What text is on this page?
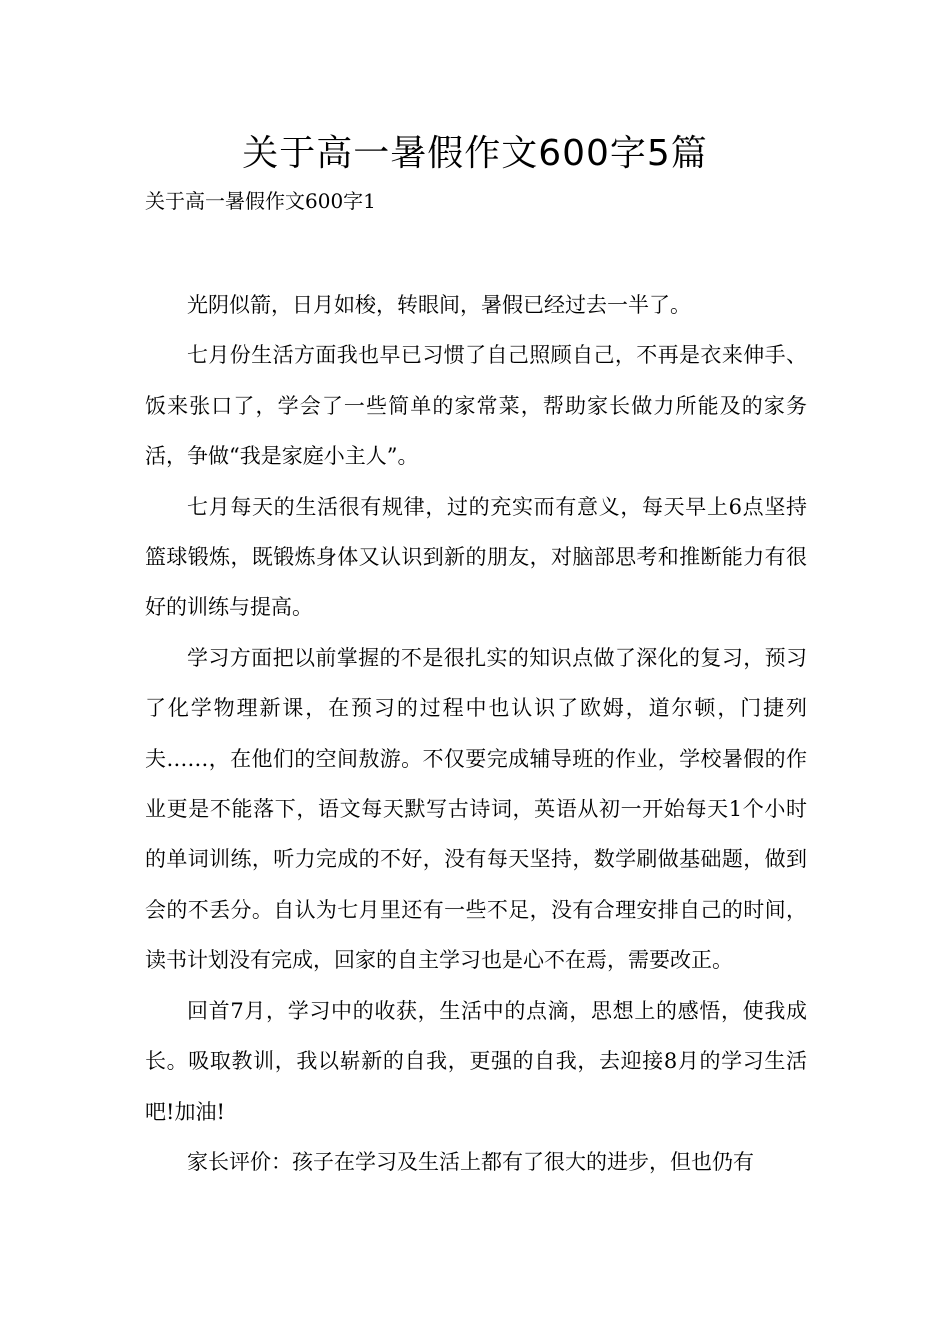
关于高一暑假作文600字5篇
关于高一暑假作文600字1

光阴似箭，日月如梭，转眼间，暑假已经过去一半了。

七月份生活方面我也早已习惯了自己照顾自己，不再是衣来伸手、饭来张口了，学会了一些简单的家常菜，帮助家长做力所能及的家务活，争做“我是家庭小主人”。

七月每天的生活很有规律，过的充实而有意义，每天早上6点坚持篮球锻炼，既锻炼身体又认识到新的朋友，对脑部思考和推断能力有很好的训练与提高。

学习方面把以前掌握的不是很扎实的知识点做了深化的复习，预习了化学物理新课，在预习的过程中也认识了欧姆，道尔顿，门捷列夫……，在他们的空间敖游。不仅要完成辅导班的作业，学校暑假的作业更是不能落下，语文每天默写古诗词，英语从初一开始每天1个小时的单词训练，听力完成的不好，没有每天坚持，数学刷做基础题，做到会的不丢分。自认为七月里还有一些不足，没有合理安排自己的时间，读书计划没有完成，回家的自主学习也是心不在焉，需要改正。

回首7月，学习中的收获，生活中的点滴，思想上的感悟，使我成长。吸取教训，我以崭新的自我，更强的自我，去迎接8月的学习生活吧!加油!

家长评价：孩子在学习及生活上都有了很大的进步，但也仍有
